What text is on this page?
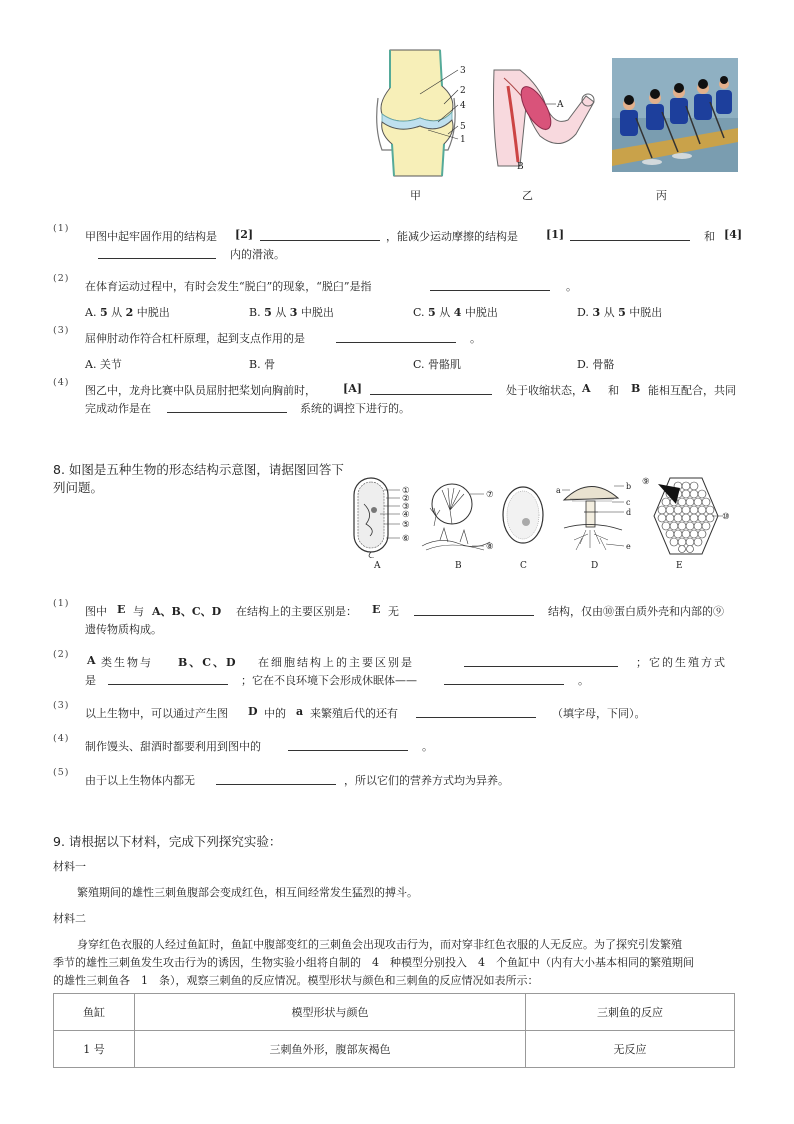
3
2
4
5
1
A
B
甲	乙	丙
(1)
甲图中起牢固作用的结构是 [2]	，能减少运动摩擦的结构是	[1]	和 [4]
内的滑液。
(2)
在体育运动过程中，有时会发生“脱臼”的现象，“脱臼”是指	。
A. 5 从 2 中脱出	B. 5 从 3 中脱出	C. 5 从 4 中脱出	D. 3 从 5 中脱出
(3)
屈伸肘动作符合杠杆原理，起到支点作用的是	。
A. 关节	B. 骨	C. 骨骼肌	D. 骨骼
(4)
图乙中，龙舟比赛中队员屈肘把桨划向胸前时， [A]	处于收缩状态， A 和 B 能相互配合，共同
完成动作是在	系统的调控下进行的。
8. 如图是五种生物的形态结构示意图，请据图回答下
列问题。	①
②
③
④
⑤
⑥
⑦
⑧
a	b
c
d
e
⑨
⑩
A	B	C	D	E
(1)
图中 E 与 A、B、C、D 在结构上的主要区别是： E 无	结构，仅由⑩蛋白质外壳和内部的⑨
遗传物质构成。
(2) A 类生物与 B、C、D 在细胞结构上的主要区别是	；它的生殖方式
是	；它在不良环境下会形成休眠体——	。
(3)
以上生物中，可以通过产生图 D 中的 a 来繁殖后代的还有	（填字母，下同）。
(4)
制作馒头、甜酒时都要利用到图中的	。
(5)
由于以上生物体内都无	，所以它们的营养方式均为异养。
9. 请根据以下材料，完成下列探究实验：
材料一
繁殖期间的雄性三刺鱼腹部会变成红色，相互间经常发生猛烈的搏斗。
材料二
身穿红色衣服的人经过鱼缸时，鱼缸中腹部变红的三刺鱼会出现攻击行为，而对穿非红色衣服的人无反应。为了探究引发繁殖
季节的雄性三刺鱼发生攻击行为的诱因，生物实验小组将自制的　4　种模型分别投入　4　个鱼缸中（内有大小基本相同的繁殖期间
的雄性三刺鱼各　1　条），观察三刺鱼的反应情况。模型形状与颜色和三刺鱼的反应情况如表所示：
鱼缸	模型形状与颜色	三刺鱼的反应
1 号	三刺鱼外形，腹部灰褐色	无反应
